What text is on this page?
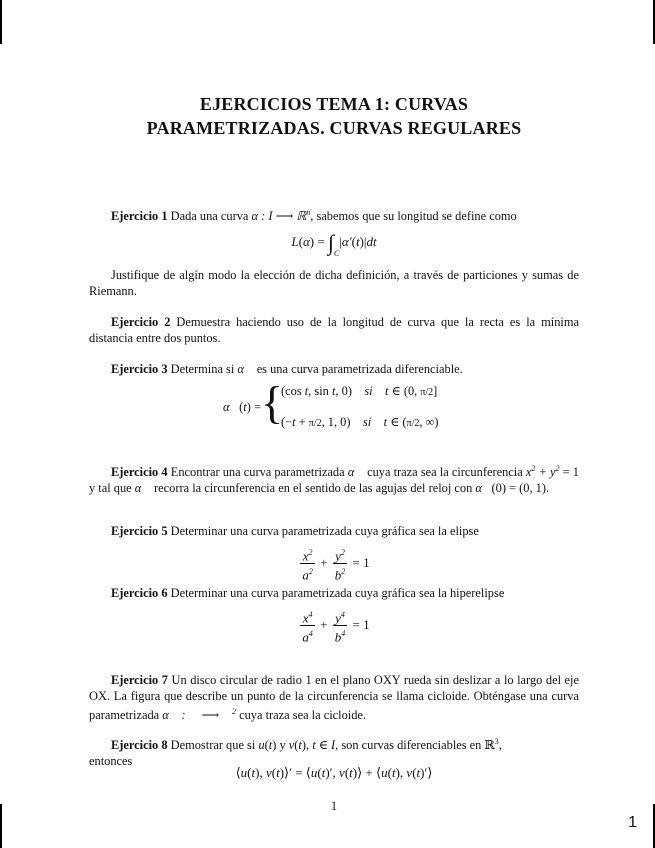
1
EJERCICIOS TEMA 1: CURVAS
PARAMETRIZADAS. CURVAS REGULARES

Ejercicio 1 Dada una curva α : I ⟶ ℝ$^n$, sabemos que su longitud se define como

$L(\alpha) = \int_C|\alpha'(t)|dt$

Justifique de algín modo la elección de dicha definición, a través de particiones y sumas de Riemann.

Ejercicio 2 Demuestra haciendo uso de la longitud de curva que la recta es la mínima distancia entre dos puntos.

Ejercicio 3 Determina si α⃗ es una curva parametrizada diferenciable.

α⃗(t) = {
(cos t, sin t, 0)    si t ∈ (0, π/2]
(−t + π/2, 1, 0)    si t ∈ (π/2, ∞)

Ejercicio 4 Encontrar una curva parametrizada α⃗ cuya traza sea la circunferencia $x^2 + y^2 = 1$ y tal que α⃗ recorra la circunferencia en el sentido de las agujas del reloj con α⃗(0) = (0, 1).

Ejercicio 5 Determinar una curva parametrizada cuya gráfica sea la elipse

$\frac{x^2}{a^2} + \frac{y^2}{b^2} = 1$

Ejercicio 6 Determinar una curva parametrizada cuya gráfica sea la hiperelipse

$\frac{x^4}{a^4} + \frac{y^4}{b^4} = 1$

Ejercicio 7 Un disco circular de radio 1 en el plano OXY rueda sin deslizar a lo largo del eje OX. La figura que describe un punto de la circunferencia se llama cicloide. Obténgase una curva parametrizada α⃗ : ℝ ⟶ ℝ$^2$ cuya traza sea la cicloide.

Ejercicio 8 Demostrar que si u(t) y v(t), t ∈ I, son curvas diferenciables en ℝ$^3$,

entonces
⟨u(t), v(t)⟩′ = ⟨u(t)′, v(t)⟩ + ⟨u(t), v(t)′⟩
1
